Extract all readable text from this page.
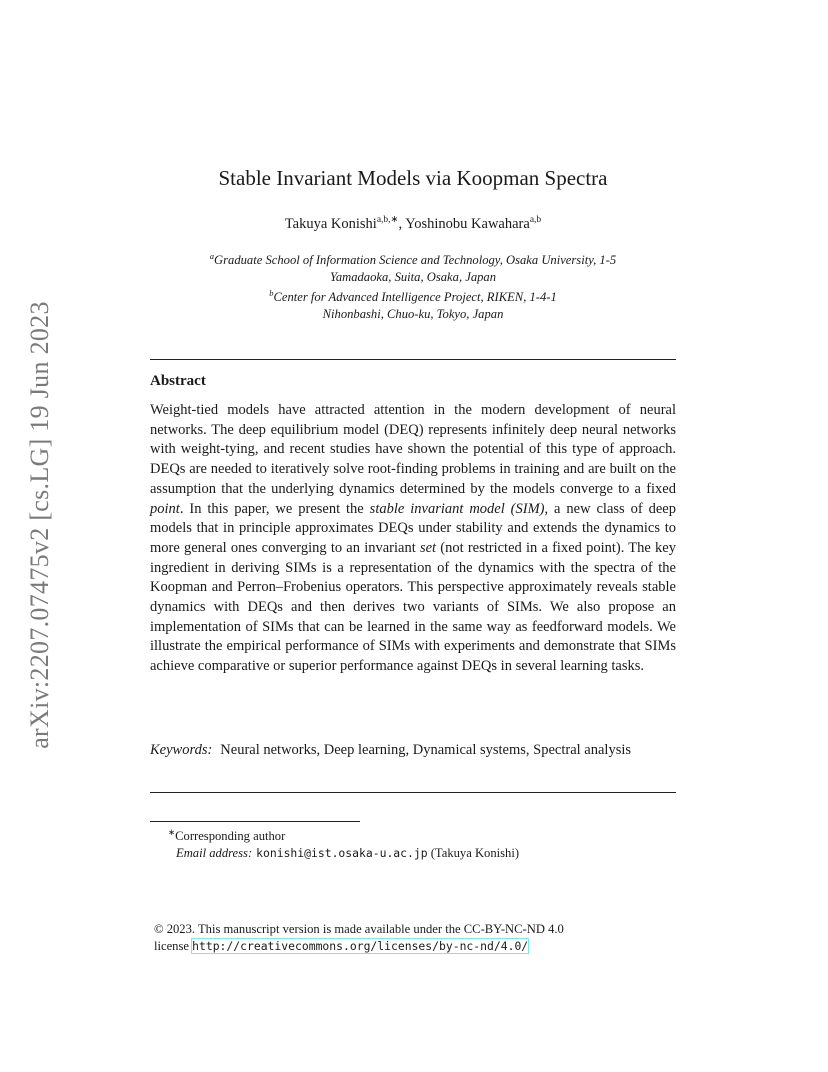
arXiv:2207.07475v2 [cs.LG] 19 Jun 2023
Stable Invariant Models via Koopman Spectra
Takuya Konishi$^{a,b,∗}$, Yoshinobu Kawahara$^{a,b}$
$^a$Graduate School of Information Science and Technology, Osaka University, 1-5
Yamadaoka, Suita, Osaka, Japan
$^b$Center for Advanced Intelligence Project, RIKEN, 1-4-1
Nihonbashi, Chuo-ku, Tokyo, Japan
Abstract
Weight-tied models have attracted attention in the modern development of neural networks. The deep equilibrium model (DEQ) represents infinitely deep neural networks with weight-tying, and recent studies have shown the potential of this type of approach. DEQs are needed to iteratively solve root-finding problems in training and are built on the assumption that the underlying dynamics determined by the models converge to a fixed point. In this paper, we present the stable invariant model (SIM), a new class of deep models that in principle approximates DEQs under stability and extends the dynamics to more general ones converging to an invariant set (not restricted in a fixed point). The key ingredient in deriving SIMs is a representation of the dynamics with the spectra of the Koopman and Perron–Frobenius operators. This perspective approximately reveals stable dynamics with DEQs and then derives two variants of SIMs. We also propose an implementation of SIMs that can be learned in the same way as feedforward models. We illustrate the empirical performance of SIMs with experiments and demonstrate that SIMs achieve comparative or superior performance against DEQs in several learning tasks.
Keywords: Neural networks, Deep learning, Dynamical systems, Spectral analysis
∗Corresponding author
Email address: konishi@ist.osaka-u.ac.jp (Takuya Konishi)
© 2023. This manuscript version is made available under the CC-BY-NC-ND 4.0
license http://creativecommons.org/licenses/by-nc-nd/4.0/
